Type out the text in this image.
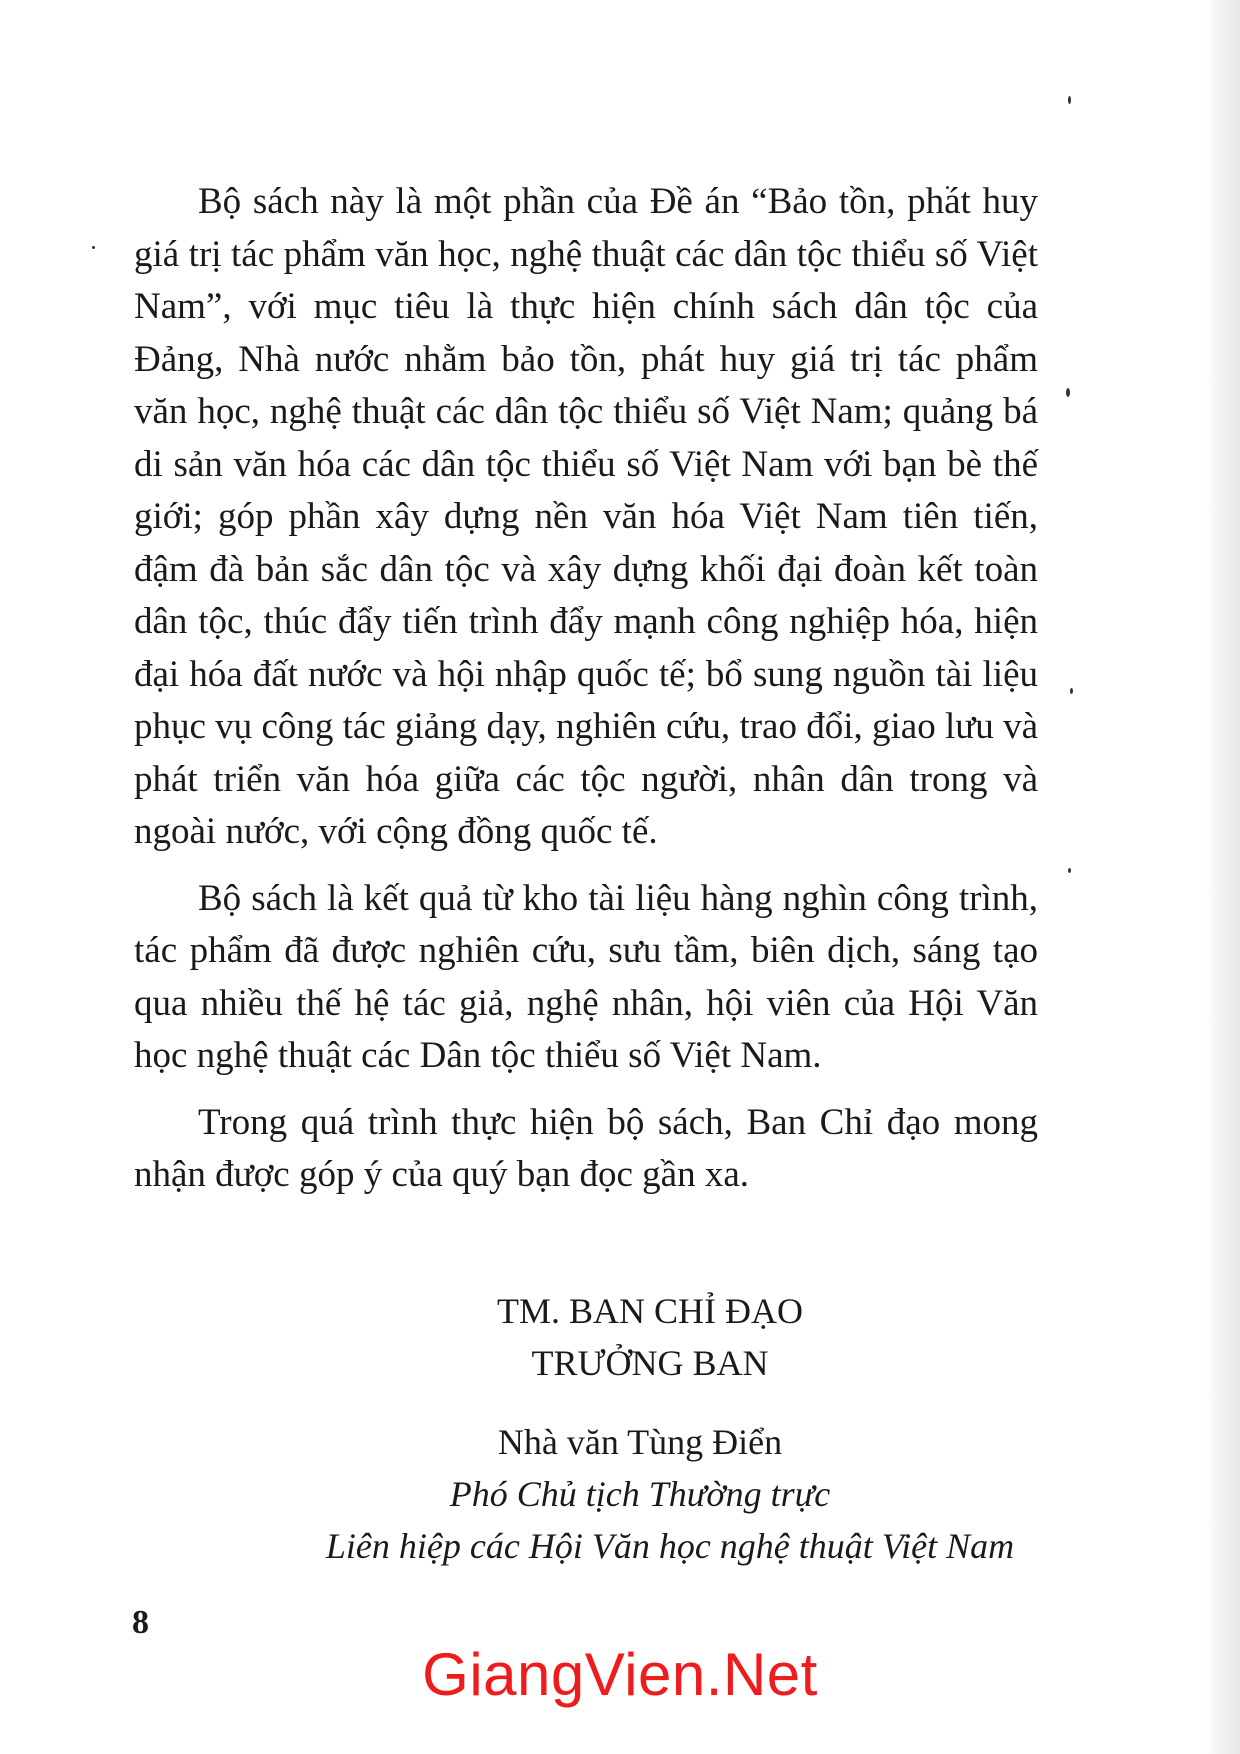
Bộ sách này là một phần của Đề án “Bảo tồn, phát huy giá trị tác phẩm văn học, nghệ thuật các dân tộc thiểu số Việt Nam”, với mục tiêu là thực hiện chính sách dân tộc của Đảng, Nhà nước nhằm bảo tồn, phát huy giá trị tác phẩm văn học, nghệ thuật các dân tộc thiểu số Việt Nam; quảng bá di sản văn hóa các dân tộc thiểu số Việt Nam với bạn bè thế giới; góp phần xây dựng nền văn hóa Việt Nam tiên tiến, đậm đà bản sắc dân tộc và xây dựng khối đại đoàn kết toàn dân tộc, thúc đẩy tiến trình đẩy mạnh công nghiệp hóa, hiện đại hóa đất nước và hội nhập quốc tế; bổ sung nguồn tài liệu phục vụ công tác giảng dạy, nghiên cứu, trao đổi, giao lưu và phát triển văn hóa giữa các tộc người, nhân dân trong và ngoài nước, với cộng đồng quốc tế.

Bộ sách là kết quả từ kho tài liệu hàng nghìn công trình, tác phẩm đã được nghiên cứu, sưu tầm, biên dịch, sáng tạo qua nhiều thế hệ tác giả, nghệ nhân, hội viên của Hội Văn học nghệ thuật các Dân tộc thiểu số Việt Nam.

Trong quá trình thực hiện bộ sách, Ban Chỉ đạo mong nhận được góp ý của quý bạn đọc gần xa.

TM. BAN CHỈ ĐẠO
TRƯỞNG BAN
Nhà văn Tùng Điển
Phó Chủ tịch Thường trực
Liên hiệp các Hội Văn học nghệ thuật Việt Nam
8
GiangVien.Net
